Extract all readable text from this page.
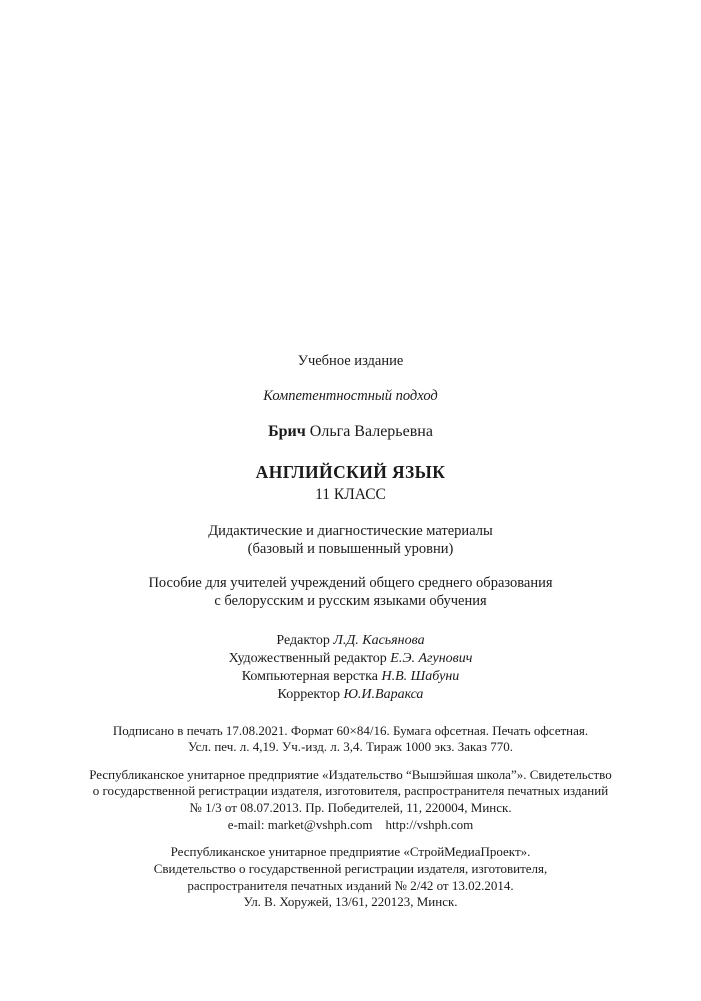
Учебное издание
Компетентностный подход
Брич Ольга Валерьевна
АНГЛИЙСКИЙ ЯЗЫК
11 КЛАСС
Дидактические и диагностические материалы
(базовый и повышенный уровни)
Пособие для учителей учреждений общего среднего образования
с белорусским и русским языками обучения
Редактор Л.Д. Касьянова
Художественный редактор Е.Э. Агунович
Компьютерная верстка Н.В. Шабуни
Корректор Ю.И.Варакса
Подписано в печать 17.08.2021. Формат 60×84/16. Бумага офсетная. Печать офсетная.
Усл. печ. л. 4,19. Уч.-изд. л. 3,4. Тираж 1000 экз. Заказ 770.
Республиканское унитарное предприятие «Издательство “Вышэйшая школа”». Свидетельство
о государственной регистрации издателя, изготовителя, распространителя печатных изданий
№ 1/3 от 08.07.2013. Пр. Победителей, 11, 220004, Минск.
e-mail: market@vshph.com http://vshph.com
Республиканское унитарное предприятие «СтройМедиаПроект».
Свидетельство о государственной регистрации издателя, изготовителя,
распространителя печатных изданий № 2/42 от 13.02.2014.
Ул. В. Хоружей, 13/61, 220123, Минск.
